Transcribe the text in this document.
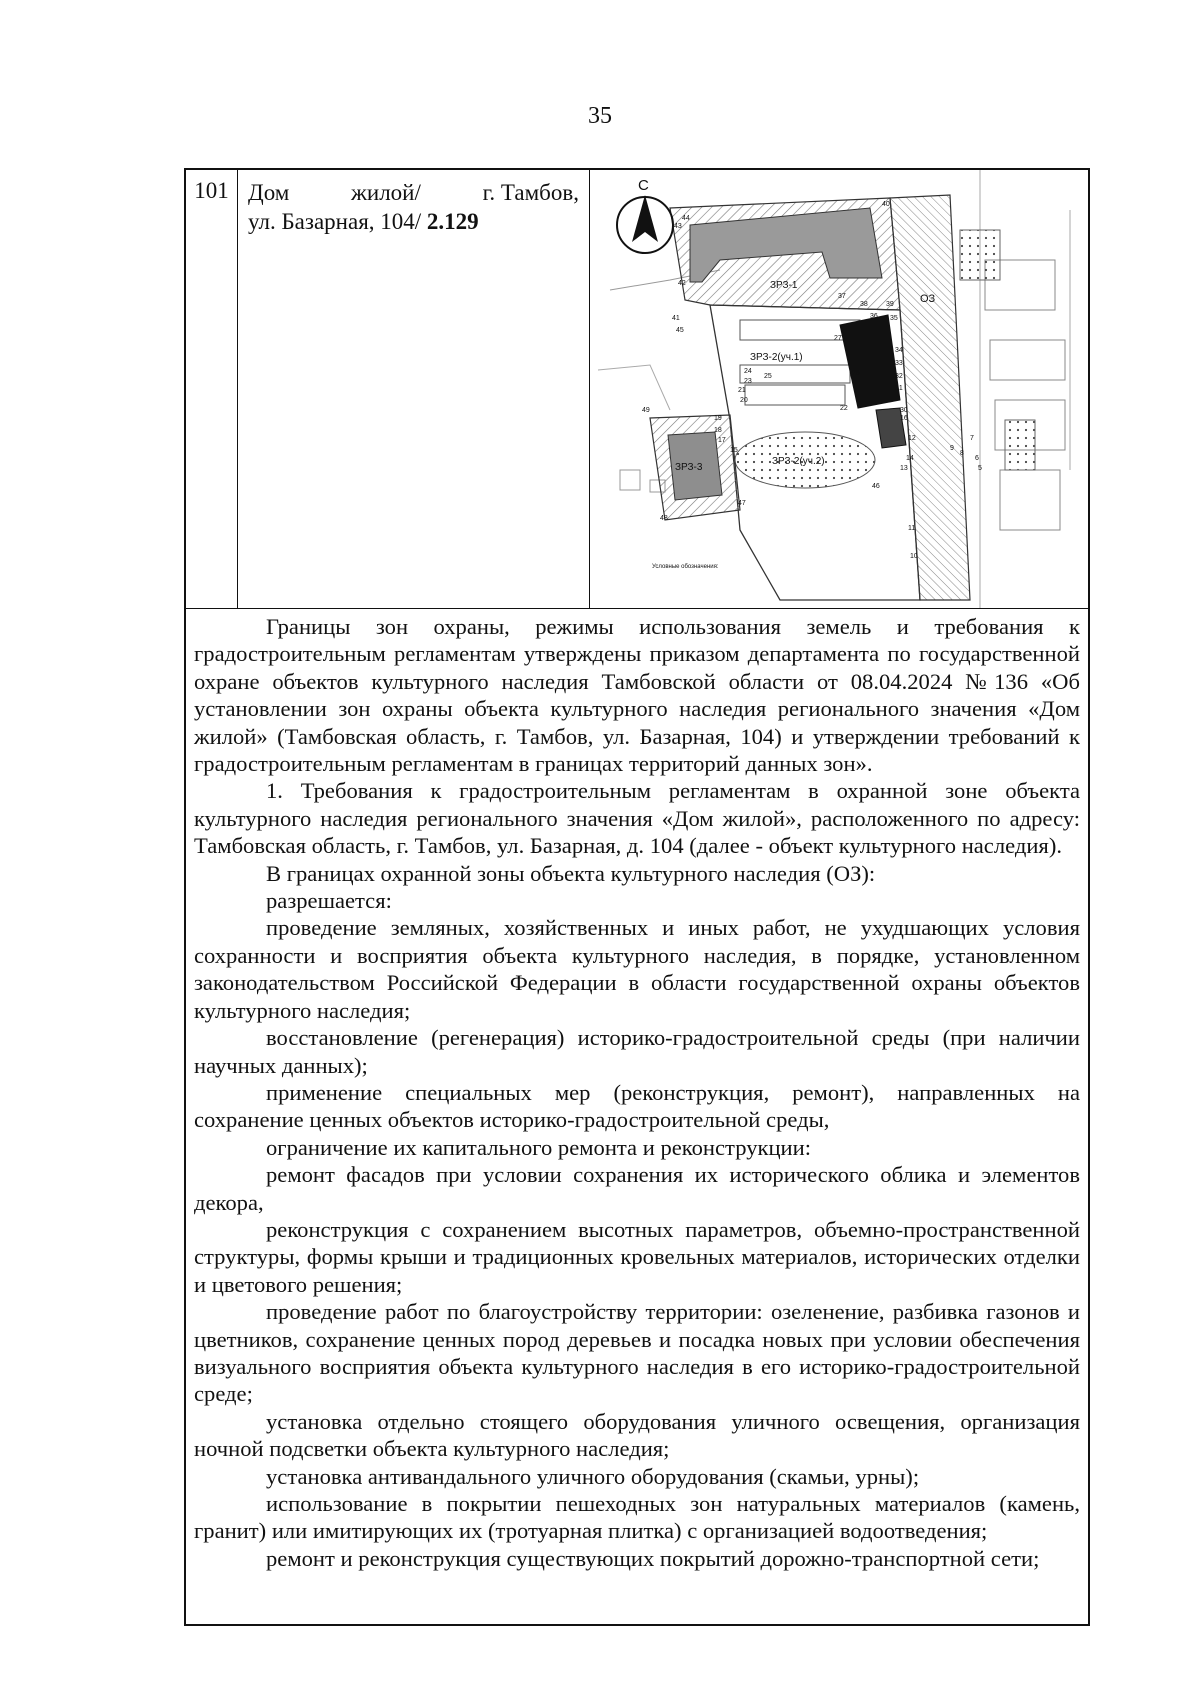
35
101 Дом	жилой/	г. Тамбов,
ул. Базарная, 104/ 2.129
С
ЗРЗ-1
ЗРЗ-2(уч.1)
ЗРЗ-2(уч.2)
ЗРЗ-3
ОЗ
Условные обозначения:
44
40
43
42
37
38	39
35
36
41
45
27
34
33
32
31
26
25
24
23
22
21
20
30
49
19
18
17
16
15
14
13
12
9
8
7
6
5
46
47
48
11
10

Границы зон охраны, режимы использования земель и требования к градостроительным регламентам утверждены приказом департамента по государственной охране объектов культурного наследия Тамбовской области от 08.04.2024 №136 «Об установлении зон охраны объекта культурного наследия регионального значения «Дом жилой» (Тамбовская область, г. Тамбов, ул. Базарная, 104) и утверждении требований к градостроительным регламентам в границах территорий данных зон».

1. Требования к градостроительным регламентам в охранной зоне объекта культурного наследия регионального значения «Дом жилой», расположенного по адресу: Тамбовская область, г. Тамбов, ул. Базарная, д. 104 (далее - объект культурного наследия).

В границах охранной зоны объекта культурного наследия (ОЗ):

разрешается:

проведение земляных, хозяйственных и иных работ, не ухудшающих условия сохранности и восприятия объекта культурного наследия, в порядке, установленном законодательством Российской Федерации в области государственной охраны объектов культурного наследия;

восстановление (регенерация) историко-градостроительной среды (при наличии научных данных);

применение специальных мер (реконструкция, ремонт), направленных на сохранение ценных объектов историко-градостроительной среды,

ограничение их капитального ремонта и реконструкции:

ремонт фасадов при условии сохранения их исторического облика и элементов декора,

реконструкция с сохранением высотных параметров, объемно-пространственной структуры, формы крыши и традиционных кровельных материалов, исторических отделки и цветового решения;

проведение работ по благоустройству территории: озеленение, разбивка газонов и цветников, сохранение ценных пород деревьев и посадка новых при условии обеспечения визуального восприятия объекта культурного наследия в его историко-градостроительной среде;

установка отдельно стоящего оборудования уличного освещения, организация ночной подсветки объекта культурного наследия;

установка антивандального уличного оборудования (скамьи, урны);

использование в покрытии пешеходных зон натуральных материалов (камень, гранит) или имитирующих их (тротуарная плитка) с организацией водоотведения;

ремонт и реконструкция существующих покрытий дорожно-транспортной сети;
